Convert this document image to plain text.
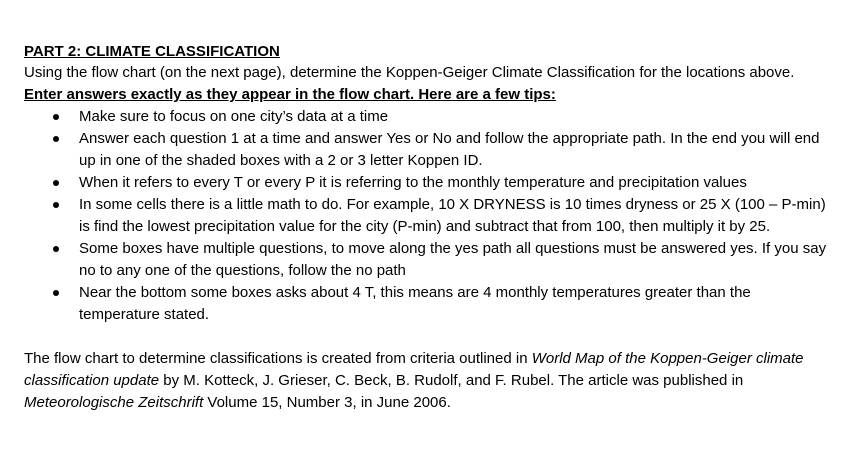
PART 2: CLIMATE CLASSIFICATION

Using the flow chart (on the next page), determine the Koppen-Geiger Climate Classification for the locations above. Enter answers exactly as they appear in the flow chart. Here are a few tips:

Make sure to focus on one city’s data at a time
Answer each question 1 at a time and answer Yes or No and follow the appropriate path. In the end you will end up in one of the shaded boxes with a 2 or 3 letter Koppen ID.
When it refers to every T or every P it is referring to the monthly temperature and precipitation values
In some cells there is a little math to do. For example, 10 X DRYNESS is 10 times dryness or 25 X (100 – P-min) is find the lowest precipitation value for the city (P-min) and subtract that from 100, then multiply it by 25.
Some boxes have multiple questions, to move along the yes path all questions must be answered yes. If you say no to any one of the questions, follow the no path
Near the bottom some boxes asks about 4 T, this means are 4 monthly temperatures greater than the temperature stated.

The flow chart to determine classifications is created from criteria outlined in World Map of the Koppen-Geiger climate classification update by M. Kotteck, J. Grieser, C. Beck, B. Rudolf, and F. Rubel. The article was published in Meteorologische Zeitschrift Volume 15, Number 3, in June 2006.
